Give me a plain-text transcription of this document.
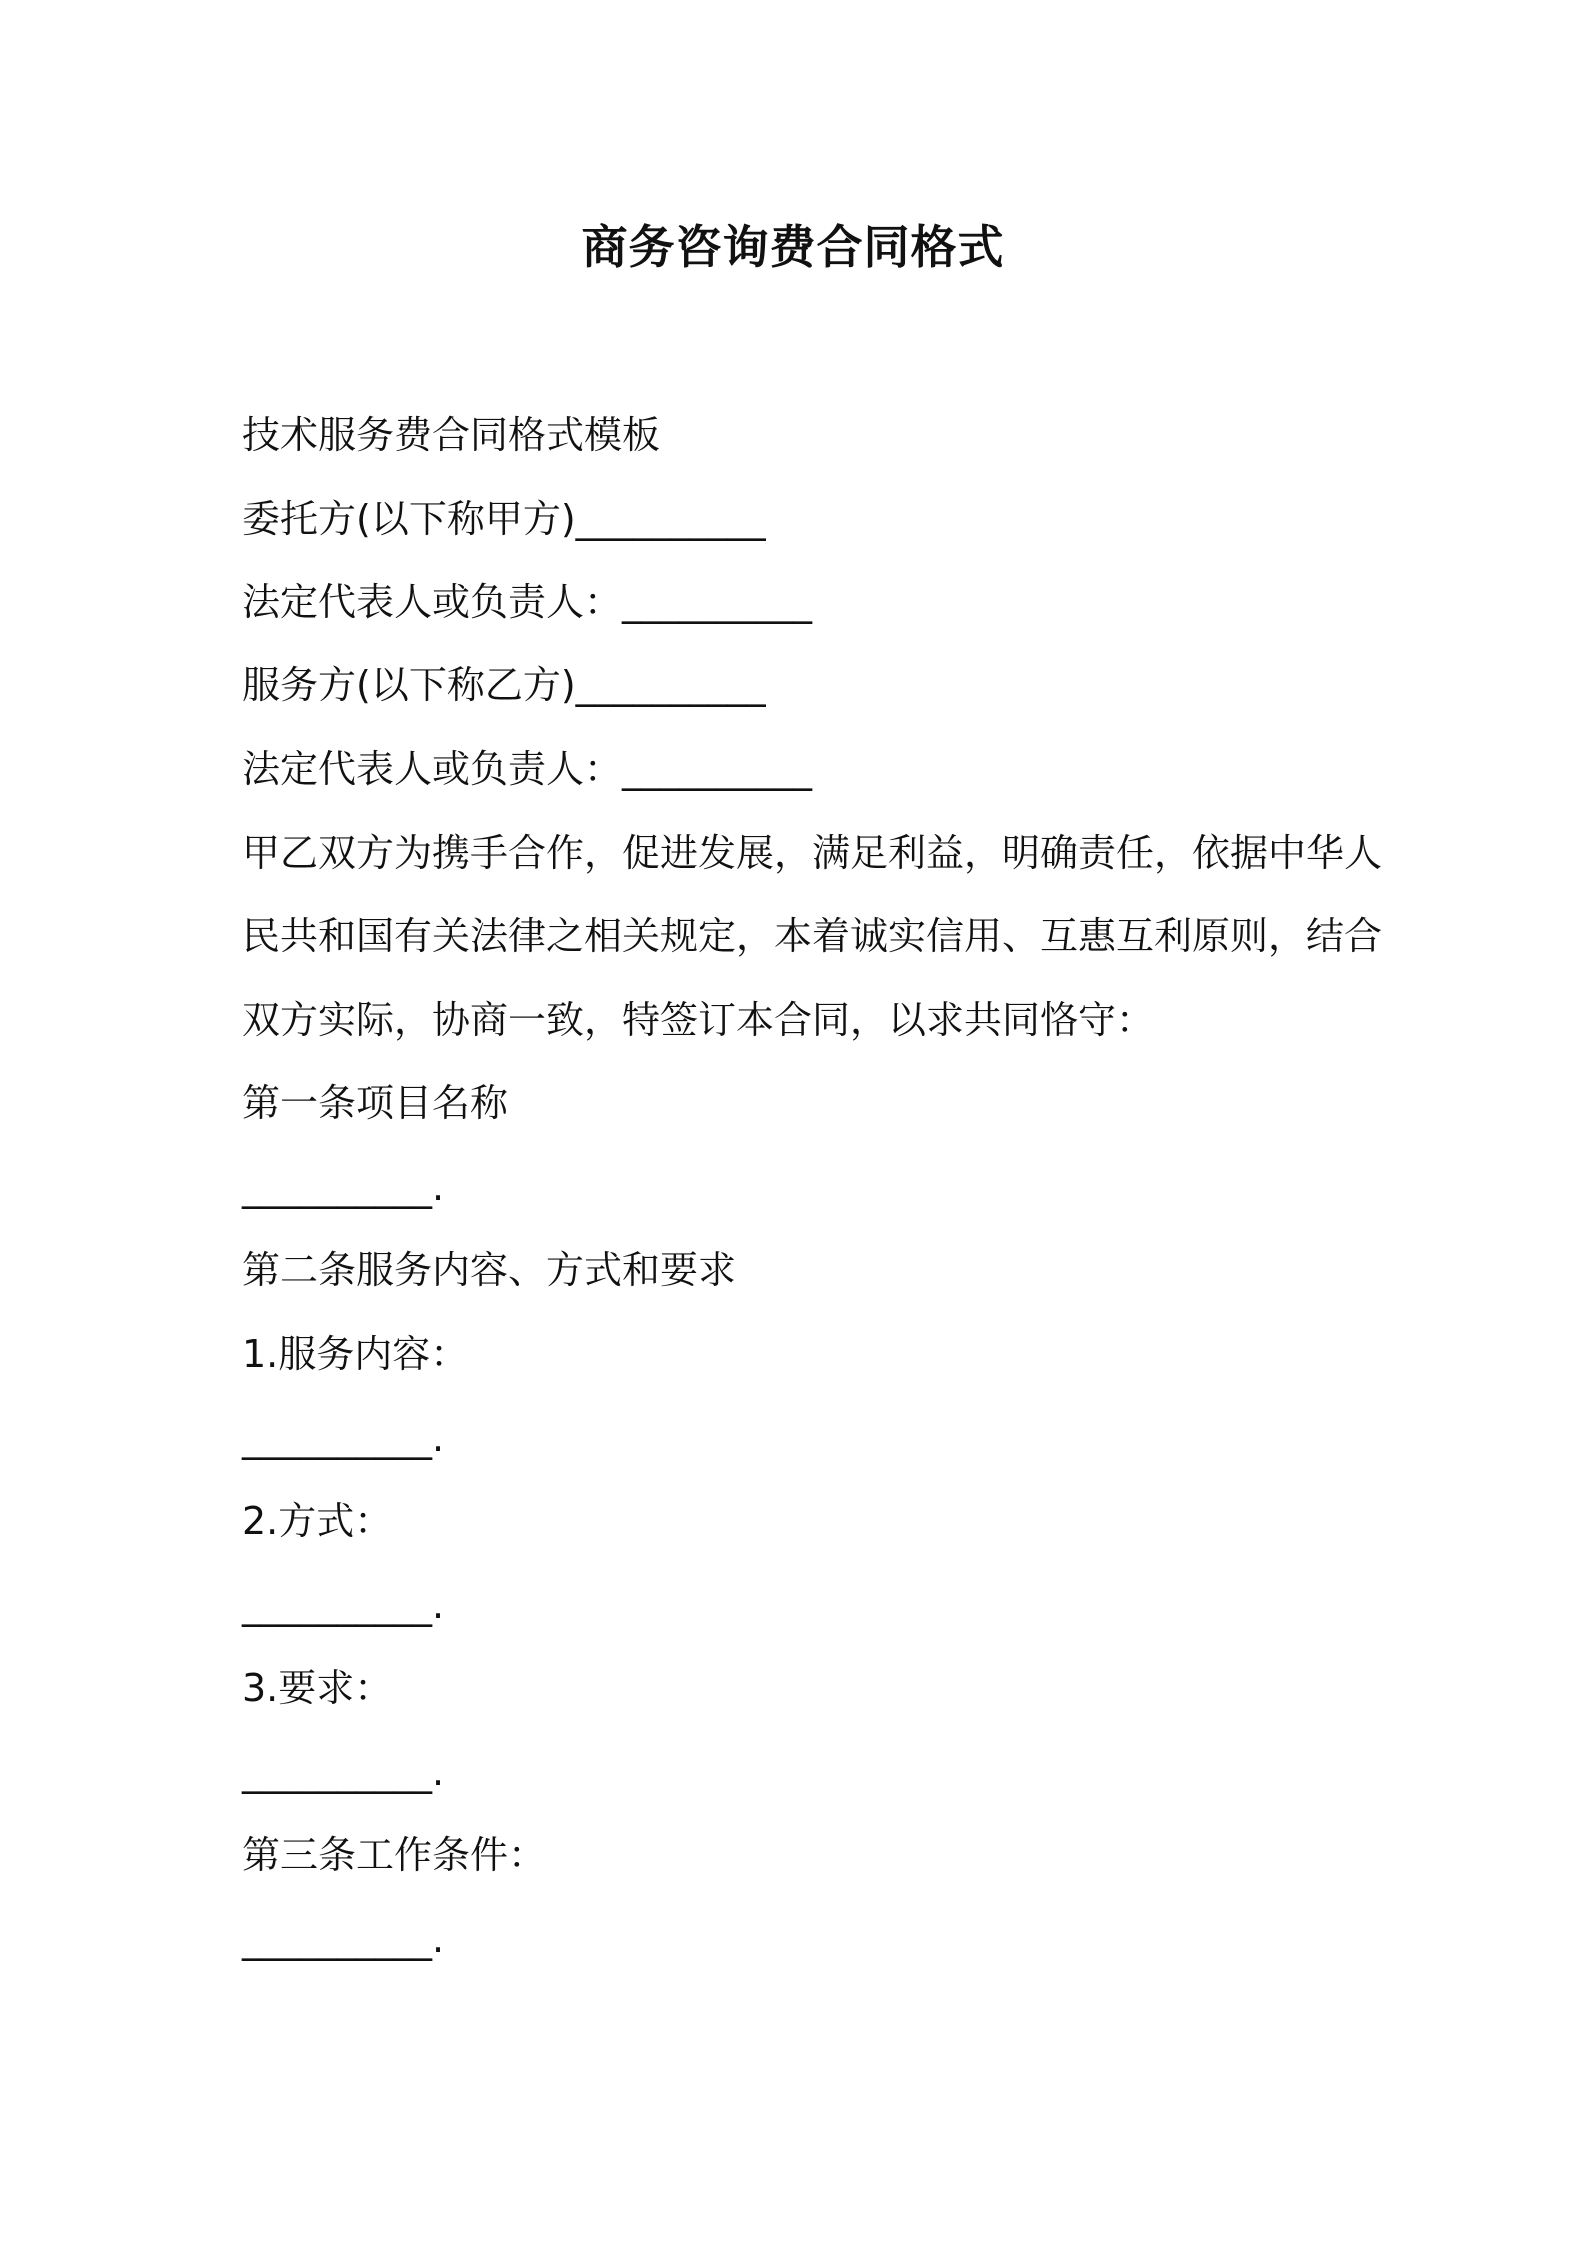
商务咨询费合同格式
技术服务费合同格式模板
委托方(以下称甲方)__________
法定代表人或负责人：__________
服务方(以下称乙方)__________
法定代表人或负责人：__________
甲乙双方为携手合作，促进发展，满足利益，明确责任，依据中华人
民共和国有关法律之相关规定，本着诚实信用、互惠互利原则，结合
双方实际，协商一致，特签订本合同，以求共同恪守：
第一条项目名称
__________.
第二条服务内容、方式和要求
1.服务内容：
__________.
2.方式：
__________.
3.要求：
__________.
第三条工作条件：
__________.
